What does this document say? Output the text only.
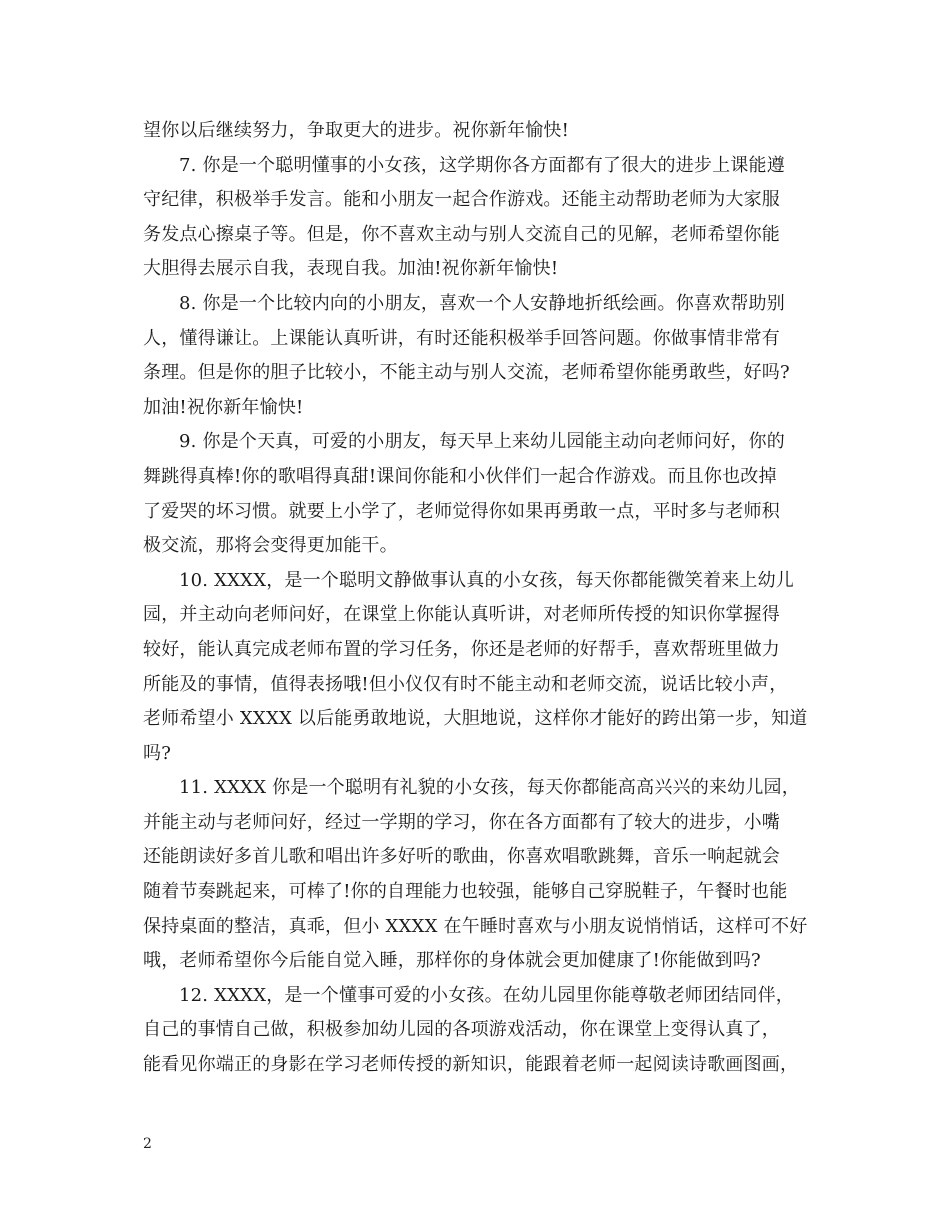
望你以后继续努力，争取更大的进步。祝你新年愉快!

7. 你是一个聪明懂事的小女孩，这学期你各方面都有了很大的进步上课能遵
守纪律，积极举手发言。能和小朋友一起合作游戏。还能主动帮助老师为大家服
务发点心擦桌子等。但是，你不喜欢主动与别人交流自己的见解，老师希望你能
大胆得去展示自我，表现自我。加油!祝你新年愉快!

8. 你是一个比较内向的小朋友，喜欢一个人安静地折纸绘画。你喜欢帮助别
人，懂得谦让。上课能认真听讲，有时还能积极举手回答问题。你做事情非常有
条理。但是你的胆子比较小，不能主动与别人交流，老师希望你能勇敢些，好吗?
加油!祝你新年愉快!

9. 你是个天真，可爱的小朋友，每天早上来幼儿园能主动向老师问好，你的
舞跳得真棒!你的歌唱得真甜!课间你能和小伙伴们一起合作游戏。而且你也改掉
了爱哭的坏习惯。就要上小学了，老师觉得你如果再勇敢一点，平时多与老师积
极交流，那将会变得更加能干。

10. XXXX，是一个聪明文静做事认真的小女孩，每天你都能微笑着来上幼儿
园，并主动向老师问好，在课堂上你能认真听讲，对老师所传授的知识你掌握得
较好，能认真完成老师布置的学习任务，你还是老师的好帮手，喜欢帮班里做力
所能及的事情，值得表扬哦!但小仪仅有时不能主动和老师交流，说话比较小声，
老师希望小 XXXX 以后能勇敢地说，大胆地说，这样你才能好的跨出第一步，知道
吗?

11. XXXX 你是一个聪明有礼貌的小女孩，每天你都能高高兴兴的来幼儿园，
并能主动与老师问好，经过一学期的学习，你在各方面都有了较大的进步，小嘴
还能朗读好多首儿歌和唱出许多好听的歌曲，你喜欢唱歌跳舞，音乐一响起就会
随着节奏跳起来，可棒了!你的自理能力也较强，能够自己穿脱鞋子，午餐时也能
保持桌面的整洁，真乖，但小 XXXX 在午睡时喜欢与小朋友说悄悄话，这样可不好
哦，老师希望你今后能自觉入睡，那样你的身体就会更加健康了!你能做到吗?

12. XXXX，是一个懂事可爱的小女孩。在幼儿园里你能尊敬老师团结同伴，
自己的事情自己做，积极参加幼儿园的各项游戏活动，你在课堂上变得认真了，
能看见你端正的身影在学习老师传授的新知识，能跟着老师一起阅读诗歌画图画，

2
